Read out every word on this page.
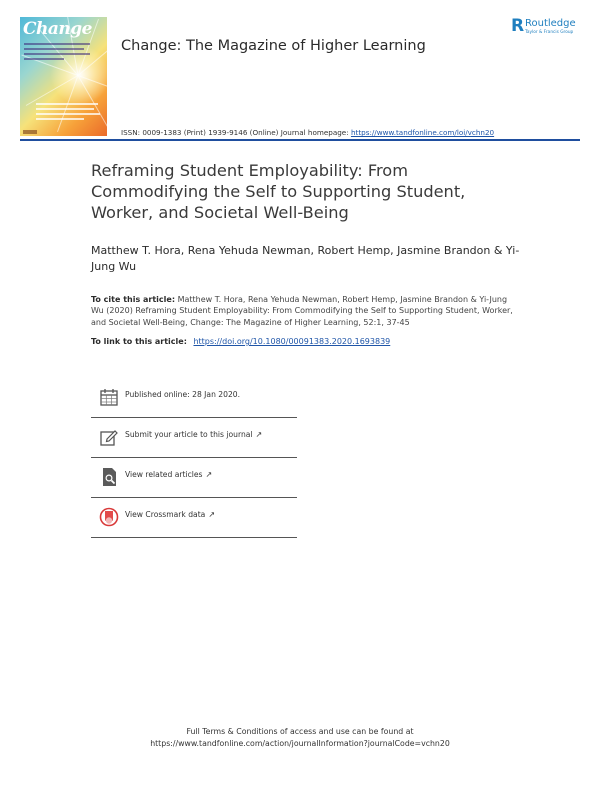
Change
Change: The Magazine of Higher Learning
R Routledge
Taylor & Francis Group
ISSN: 0009-1383 (Print) 1939-9146 (Online) Journal homepage: https://www.tandfonline.com/loi/vchn20
Reframing Student Employability: From Commodifying the Self to Supporting Student, Worker, and Societal Well-Being
Matthew T. Hora, Rena Yehuda Newman, Robert Hemp, Jasmine Brandon & Yi-Jung Wu
To cite this article: Matthew T. Hora, Rena Yehuda Newman, Robert Hemp, Jasmine Brandon & Yi-Jung Wu (2020) Reframing Student Employability: From Commodifying the Self to Supporting Student, Worker, and Societal Well-Being, Change: The Magazine of Higher Learning, 52:1, 37-45
To link to this article: https://doi.org/10.1080/00091383.2020.1693839
Published online: 28 Jan 2020.
Submit your article to this journal ↗
View related articles ↗
View Crossmark data ↗
Full Terms & Conditions of access and use can be found at
https://www.tandfonline.com/action/journalInformation?journalCode=vchn20
